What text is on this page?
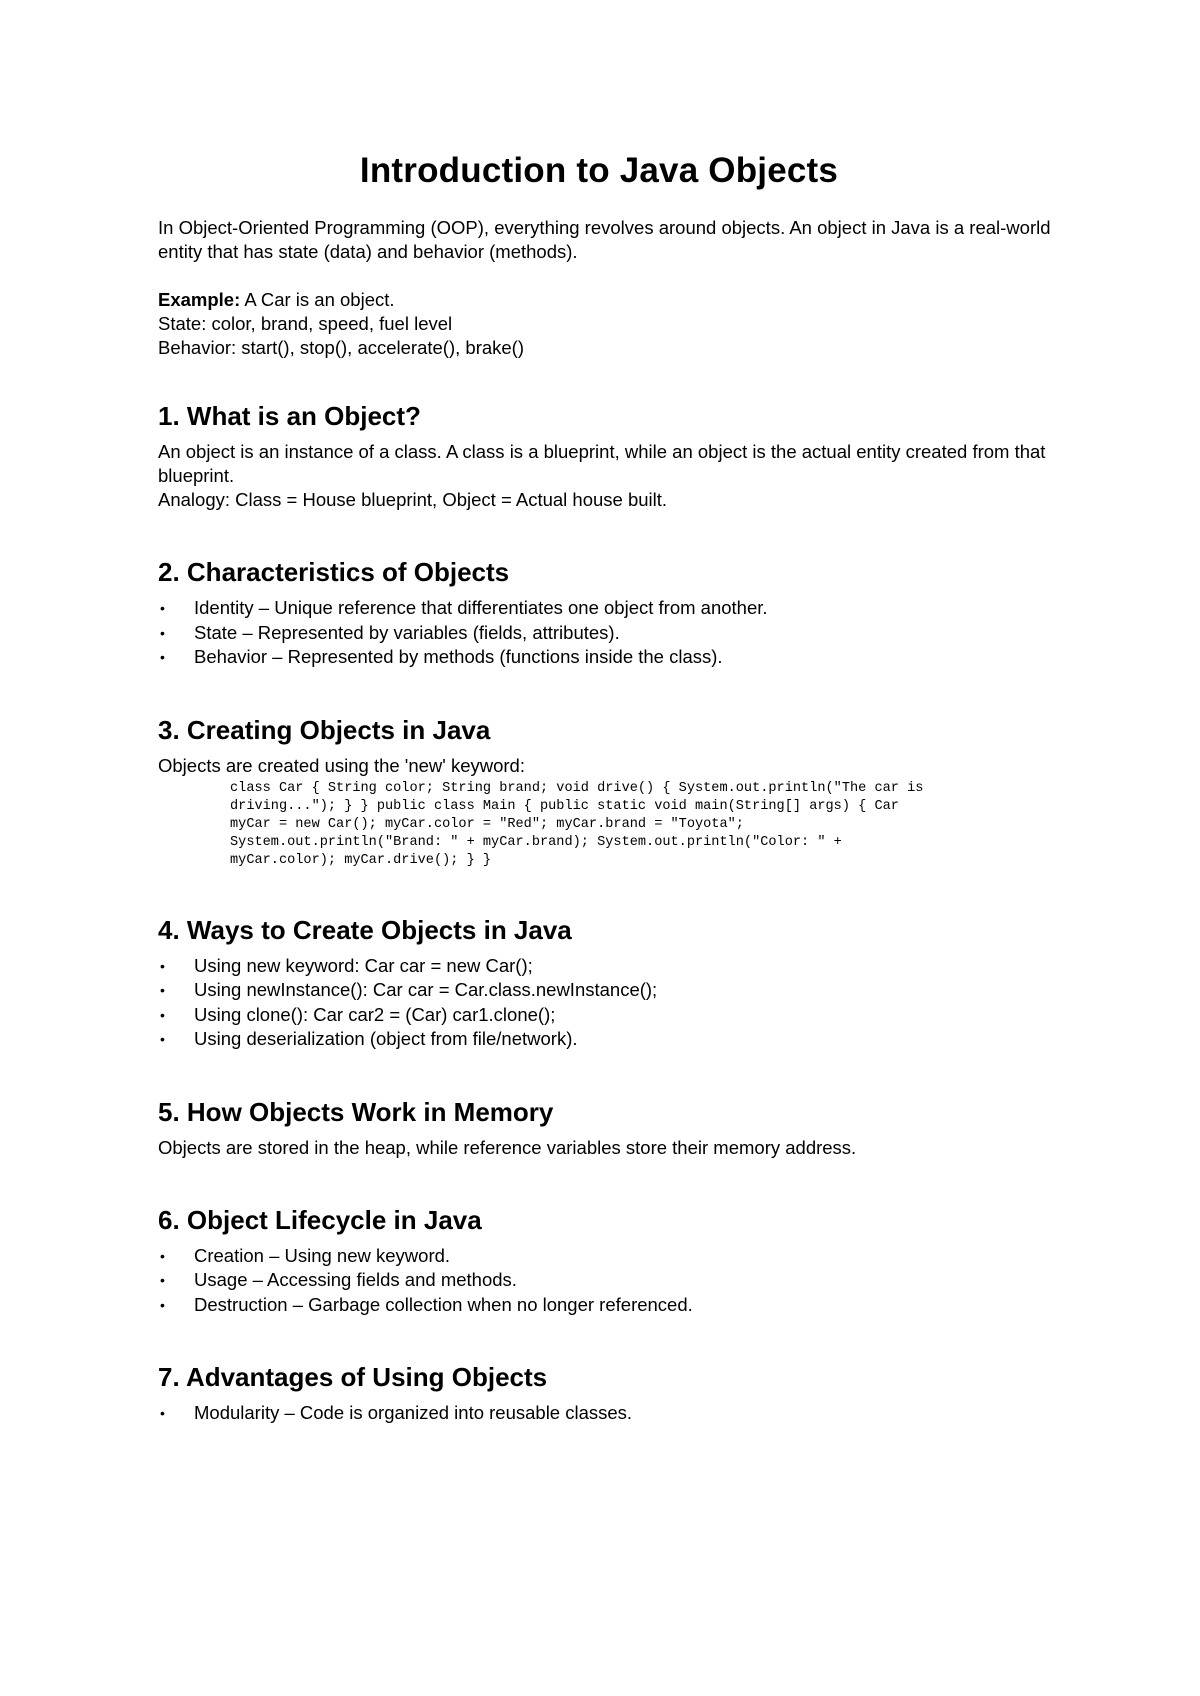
Introduction to Java Objects

In Object-Oriented Programming (OOP), everything revolves around objects. An object in Java is a real-world entity that has state (data) and behavior (methods).

Example: A Car is an object.
State: color, brand, speed, fuel level
Behavior: start(), stop(), accelerate(), brake()
1. What is an Object?

An object is an instance of a class. A class is a blueprint, while an object is the actual entity created from that blueprint.

Analogy: Class = House blueprint, Object = Actual house built.

2. Characteristics of Objects
• Identity – Unique reference that differentiates one object from another.
• State – Represented by variables (fields, attributes).
• Behavior – Represented by methods (functions inside the class).
3. Creating Objects in Java

Objects are created using the 'new' keyword:

class Car { String color; String brand; void drive() { System.out.println("The car is driving..."); } } public class Main { public static void main(String[] args) { Car myCar = new Car(); myCar.color = "Red"; myCar.brand = "Toyota"; System.out.println("Brand: " + myCar.brand); System.out.println("Color: " + myCar.color); myCar.drive(); } }
4. Ways to Create Objects in Java
• Using new keyword: Car car = new Car();
• Using newInstance(): Car car = Car.class.newInstance();
• Using clone(): Car car2 = (Car) car1.clone();
• Using deserialization (object from file/network).
5. How Objects Work in Memory

Objects are stored in the heap, while reference variables store their memory address.

6. Object Lifecycle in Java
• Creation – Using new keyword.
• Usage – Accessing fields and methods.
• Destruction – Garbage collection when no longer referenced.
7. Advantages of Using Objects
• Modularity – Code is organized into reusable classes.
